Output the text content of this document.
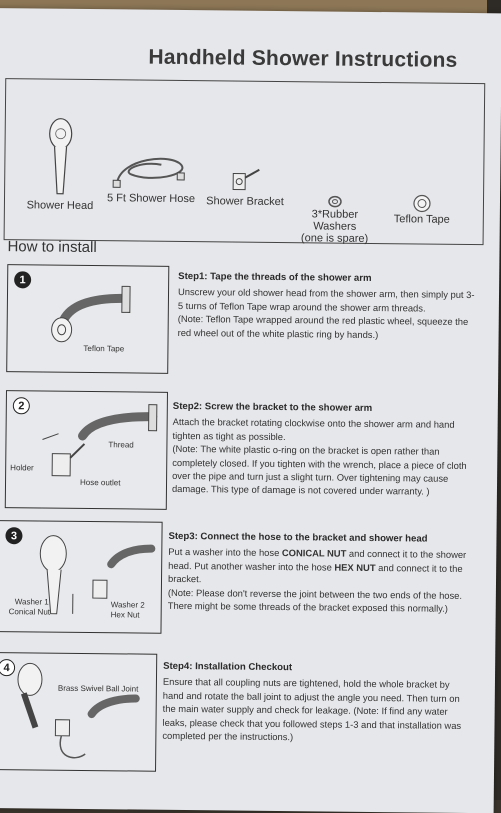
Handheld Shower Instructions
Shower Head
5 Ft Shower Hose Shower Bracket
3*Rubber Washers
(one is spare)
Teflon Tape
How to install
1
Teflon Tape
Step1: Tape the threads of the shower arm

Unscrew your old shower head from the shower arm, then simply put 3-5 turns of Teflon Tape wrap around the shower arm threads.

(Note: Teflon Tape wrapped around the red plastic wheel, squeeze the red wheel out of the white plastic ring by hands.)

2
Thread
Holder
Hose outlet
Step2: Screw the bracket to the shower arm

Attach the bracket rotating clockwise onto the shower arm and hand tighten as tight as possible.

(Note: The white plastic o-ring on the bracket is open rather than completely closed. If you tighten with the wrench, place a piece of cloth over the pipe and turn just a slight turn. Over tightening may cause damage. This type of damage is not covered under warranty. )

3
Washer 1
Conical Nut
Washer 2
Hex Nut
Step3: Connect the hose to the bracket and shower head

Put a washer into the hose CONICAL NUT and connect it to the shower head. Put another washer into the hose HEX NUT and connect it to the bracket.

(Note: Please don't reverse the joint between the two ends of the hose. There might be some threads of the bracket exposed this normally.)

4
Brass Swivel Ball Joint
Step4: Installation Checkout

Ensure that all coupling nuts are tightened, hold the whole bracket by hand and rotate the ball joint to adjust the angle you need. Then turn on the main water supply and check for leakage. (Note: If find any water leaks, please check that you followed steps 1-3 and that installation was completed per the instructions.)
